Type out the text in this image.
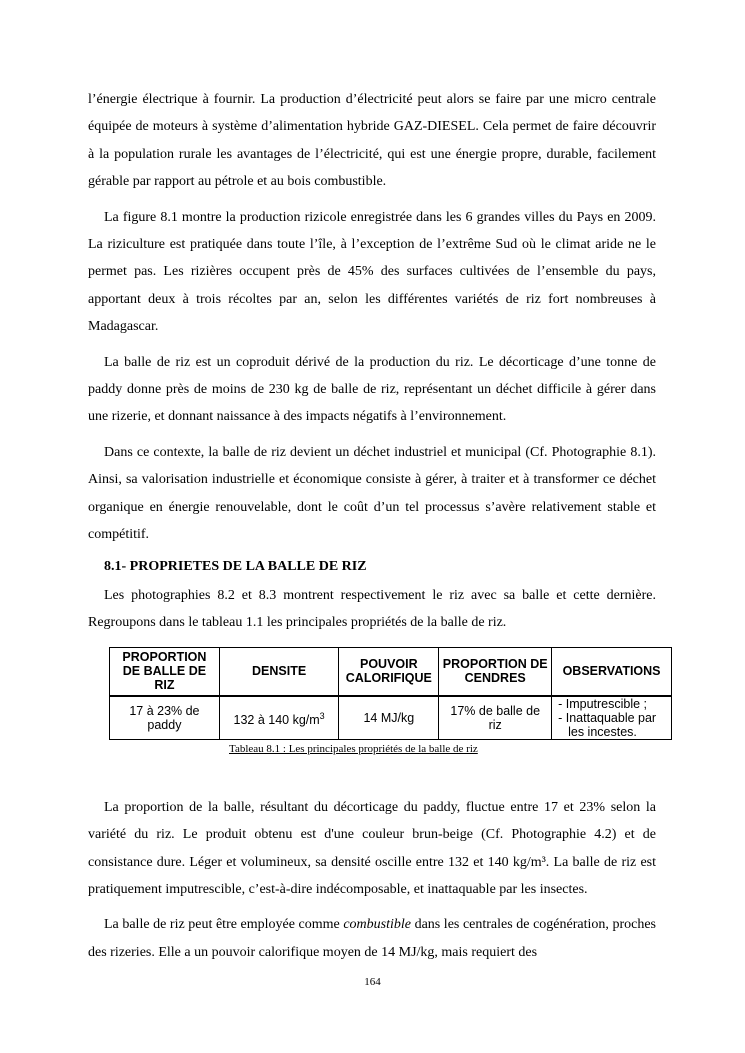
l’énergie électrique à fournir. La production d’électricité peut alors se faire par une micro centrale équipée de moteurs à système d’alimentation hybride GAZ-DIESEL. Cela permet de faire découvrir à la population rurale les avantages de l’électricité, qui est une énergie propre, durable, facilement gérable par rapport au pétrole et au bois combustible.

La figure 8.1 montre la production rizicole enregistrée dans les 6 grandes villes du Pays en 2009. La riziculture est pratiquée dans toute l’île, à l’exception de l’extrême Sud où le climat aride ne le permet pas. Les rizières occupent près de 45% des surfaces cultivées de l’ensemble du pays, apportant deux à trois récoltes par an, selon les différentes variétés de riz fort nombreuses à Madagascar.

La balle de riz est un coproduit dérivé de la production du riz. Le décorticage d’une tonne de paddy donne près de moins de 230 kg de balle de riz, représentant un déchet difficile à gérer dans une rizerie, et donnant naissance à des impacts négatifs à l’environnement.

Dans ce contexte, la balle de riz devient un déchet industriel et municipal (Cf. Photographie 8.1). Ainsi, sa valorisation industrielle et économique consiste à gérer, à traiter et à transformer ce déchet organique en énergie renouvelable, dont le coût d’un tel processus s’avère relativement stable et compétitif.

8.1- PROPRIETES DE LA BALLE DE RIZ

Les photographies 8.2 et 8.3 montrent respectivement le riz avec sa balle et cette dernière. Regroupons dans le tableau 1.1 les principales propriétés de la balle de riz.

PROPORTION DE BALLE DE RIZ	DENSITE	POUVOIR CALORIFIQUE	PROPORTION DE CENDRES	OBSERVATIONS
17 à 23% de paddy	132 à 140 $kg/m^3$	14 MJ/kg	17% de balle de riz	- Imputrescible ;
- Inattaquable par
les incestes.
Tableau 8.1 : Les principales propriétés de la balle de riz

La proportion de la balle, résultant du décorticage du paddy, fluctue entre 17 et 23% selon la variété du riz. Le produit obtenu est d'une couleur brun-beige (Cf. Photographie 4.2) et de consistance dure. Léger et volumineux, sa densité oscille entre 132 et 140 kg/m³. La balle de riz est pratiquement imputrescible, c’est-à-dire indécomposable, et inattaquable par les insectes.

La balle de riz peut être employée comme combustible dans les centrales de cogénération, proches des rizeries. Elle a un pouvoir calorifique moyen de 14 MJ/kg, mais requiert des

164
